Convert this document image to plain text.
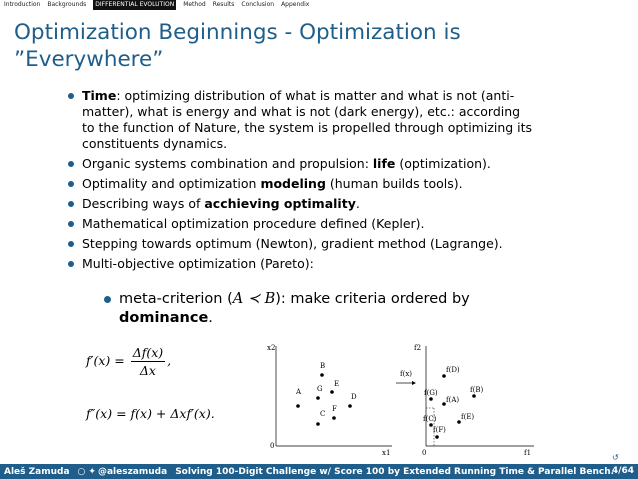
Introduction Backgrounds	DIFFERENTIAL EVOLUTION	Method Results Conclusion Appendix
Optimization Beginnings - Optimization is
”Everywhere”
Time: optimizing distribution of what is matter and what is not (anti-matter), what is energy and what is not (dark energy), etc.: according to the function of Nature, the system is propelled through optimizing its constituents dynamics.
Organic systems combination and propulsion: life (optimization).
Optimality and optimization modeling (human builds tools).
Describing ways of acchieving optimality.
Mathematical optimization procedure defined (Kepler).
Stepping towards optimum (Newton), gradient method (Lagrange).
Multi-objective optimization (Pareto):
meta-criterion (A ≺ B): make criteria ordered by dominance.
$f'(x) = \frac{\Delta f(x)}{\Delta x}$ ,
f″(x) = f(x) + Δxf′(x).
x2
x1
0
B
A G
E
D
F
C
f(x)
f2
f1
0
f(D)
f(G)
f(A)
f(B)
f(E)
f(C)
f(F)
↺
Aleš Zamuda ○ ✦ @aleszamuda Solving 100-Digit Challenge w/ Score 100 by Extended Running Time & Parallel Bench.
4/64
